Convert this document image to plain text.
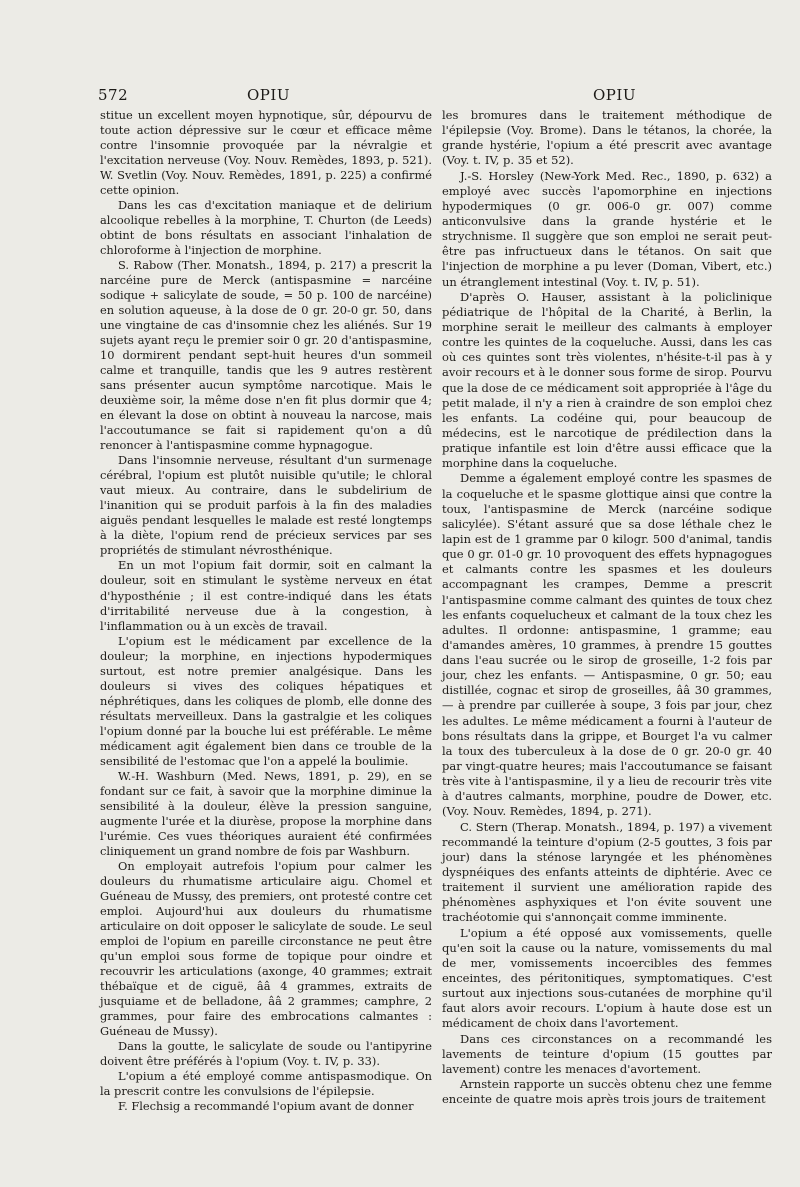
572	OPIU	OPIU

stitue un excellent moyen hypnotique, sûr, dépourvu de toute action dépressive sur le cœur et efficace même contre l'insomnie provoquée par la névralgie et l'excitation nerveuse (Voy. Nouv. Remèdes, 1893, p. 521). W. Svetlin (Voy. Nouv. Remèdes, 1891, p. 225) a confirmé cette opinion.

Dans les cas d'excitation maniaque et de delirium alcoolique rebelles à la morphine, T. Churton (de Leeds) obtint de bons résultats en associant l'inhalation de chloroforme à l'injection de morphine.

S. Rabow (Ther. Monatsh., 1894, p. 217) a prescrit la narcéine pure de Merck (antispasmine = narcéine sodique + salicylate de soude, = 50 p. 100 de narcéine) en solution aqueuse, à la dose de 0 gr. 20-0 gr. 50, dans une vingtaine de cas d'insomnie chez les aliénés. Sur 19 sujets ayant reçu le premier soir 0 gr. 20 d'antispasmine, 10 dormirent pendant sept-huit heures d'un sommeil calme et tranquille, tandis que les 9 autres restèrent sans présenter aucun symptôme narcotique. Mais le deuxième soir, la même dose n'en fit plus dormir que 4; en élevant la dose on obtint à nouveau la narcose, mais l'accoutumance se fait si rapidement qu'on a dû renoncer à l'antispasmine comme hypnagogue.

Dans l'insomnie nerveuse, résultant d'un surmenage cérébral, l'opium est plutôt nuisible qu'utile; le chloral vaut mieux. Au contraire, dans le subdelirium de l'inanition qui se produit parfois à la fin des maladies aiguës pendant lesquelles le malade est resté longtemps à la diète, l'opium rend de précieux services par ses propriétés de stimulant névrosthénique.

En un mot l'opium fait dormir, soit en calmant la douleur, soit en stimulant le système nerveux en état d'hyposthénie ; il est contre-indiqué dans les états d'irritabilité nerveuse due à la congestion, à l'inflammation ou à un excès de travail.

L'opium est le médicament par excellence de la douleur; la morphine, en injections hypodermiques surtout, est notre premier analgésique. Dans les douleurs si vives des coliques hépatiques et néphrétiques, dans les coliques de plomb, elle donne des résultats merveilleux. Dans la gastralgie et les coliques l'opium donné par la bouche lui est préférable. Le même médicament agit également bien dans ce trouble de la sensibilité de l'estomac que l'on a appelé la boulimie.

W.-H. Washburn (Med. News, 1891, p. 29), en se fondant sur ce fait, à savoir que la morphine diminue la sensibilité à la douleur, élève la pression sanguine, augmente l'urée et la diurèse, propose la morphine dans l'urémie. Ces vues théoriques auraient été confirmées cliniquement un grand nombre de fois par Washburn.

On employait autrefois l'opium pour calmer les douleurs du rhumatisme articulaire aigu. Chomel et Guéneau de Mussy, des premiers, ont protesté contre cet emploi. Aujourd'hui aux douleurs du rhumatisme articulaire on doit opposer le salicylate de soude. Le seul emploi de l'opium en pareille circonstance ne peut être qu'un emploi sous forme de topique pour oindre et recouvrir les articulations (axonge, 40 grammes; extrait thébaïque et de ciguë, ââ 4 grammes, extraits de jusquiame et de belladone, ââ 2 grammes; camphre, 2 grammes, pour faire des embrocations calmantes : Guéneau de Mussy).

Dans la goutte, le salicylate de soude ou l'antipyrine doivent être préférés à l'opium (Voy. t. IV, p. 33).

L'opium a été employé comme antispasmodique. On la prescrit contre les convulsions de l'épilepsie.

F. Flechsig a recommandé l'opium avant de donner

les bromures dans le traitement méthodique de l'épilepsie (Voy. Brome). Dans le tétanos, la chorée, la grande hystérie, l'opium a été prescrit avec avantage (Voy. t. IV, p. 35 et 52).

J.-S. Horsley (New-York Med. Rec., 1890, p. 632) a employé avec succès l'apomorphine en injections hypodermiques (0 gr. 006-0 gr. 007) comme anticonvulsive dans la grande hystérie et le strychnisme. Il suggère que son emploi ne serait peut-être pas infructueux dans le tétanos. On sait que l'injection de morphine a pu lever (Doman, Vibert, etc.) un étranglement intestinal (Voy. t. IV, p. 51).

D'après O. Hauser, assistant à la policlinique pédiatrique de l'hôpital de la Charité, à Berlin, la morphine serait le meilleur des calmants à employer contre les quintes de la coqueluche. Aussi, dans les cas où ces quintes sont très violentes, n'hésite-t-il pas à y avoir recours et à le donner sous forme de sirop. Pourvu que la dose de ce médicament soit appropriée à l'âge du petit malade, il n'y a rien à craindre de son emploi chez les enfants. La codéine qui, pour beaucoup de médecins, est le narcotique de prédilection dans la pratique infantile est loin d'être aussi efficace que la morphine dans la coqueluche.

Demme a également employé contre les spasmes de la coqueluche et le spasme glottique ainsi que contre la toux, l'antispasmine de Merck (narcéine sodique salicylée). S'étant assuré que sa dose léthale chez le lapin est de 1 gramme par 0 kilogr. 500 d'animal, tandis que 0 gr. 01-0 gr. 10 provoquent des effets hypnagogues et calmants contre les spasmes et les douleurs accompagnant les crampes, Demme a prescrit l'antispasmine comme calmant des quintes de toux chez les enfants coquelucheux et calmant de la toux chez les adultes. Il ordonne: antispasmine, 1 gramme; eau d'amandes amères, 10 grammes, à prendre 15 gouttes dans l'eau sucrée ou le sirop de groseille, 1-2 fois par jour, chez les enfants. — Antispasmine, 0 gr. 50; eau distillée, cognac et sirop de groseilles, ââ 30 grammes, — à prendre par cuillerée à soupe, 3 fois par jour, chez les adultes. Le même médicament a fourni à l'auteur de bons résultats dans la grippe, et Bourget l'a vu calmer la toux des tuberculeux à la dose de 0 gr. 20-0 gr. 40 par vingt-quatre heures; mais l'accoutumance se faisant très vite à l'antispasmine, il y a lieu de recourir très vite à d'autres calmants, morphine, poudre de Dower, etc. (Voy. Nouv. Remèdes, 1894, p. 271).

C. Stern (Therap. Monatsh., 1894, p. 197) a vivement recommandé la teinture d'opium (2-5 gouttes, 3 fois par jour) dans la sténose laryngée et les phénomènes dyspnéiques des enfants atteints de diphtérie. Avec ce traitement il survient une amélioration rapide des phénomènes asphyxiques et l'on évite souvent une trachéotomie qui s'annonçait comme imminente.

L'opium a été opposé aux vomissements, quelle qu'en soit la cause ou la nature, vomissements du mal de mer, vomissements incoercibles des femmes enceintes, des péritonitiques, symptomatiques. C'est surtout aux injections sous-cutanées de morphine qu'il faut alors avoir recours. L'opium à haute dose est un médicament de choix dans l'avortement.

Dans ces circonstances on a recommandé les lavements de teinture d'opium (15 gouttes par lavement) contre les menaces d'avortement.

Arnstein rapporte un succès obtenu chez une femme enceinte de quatre mois après trois jours de traitement
